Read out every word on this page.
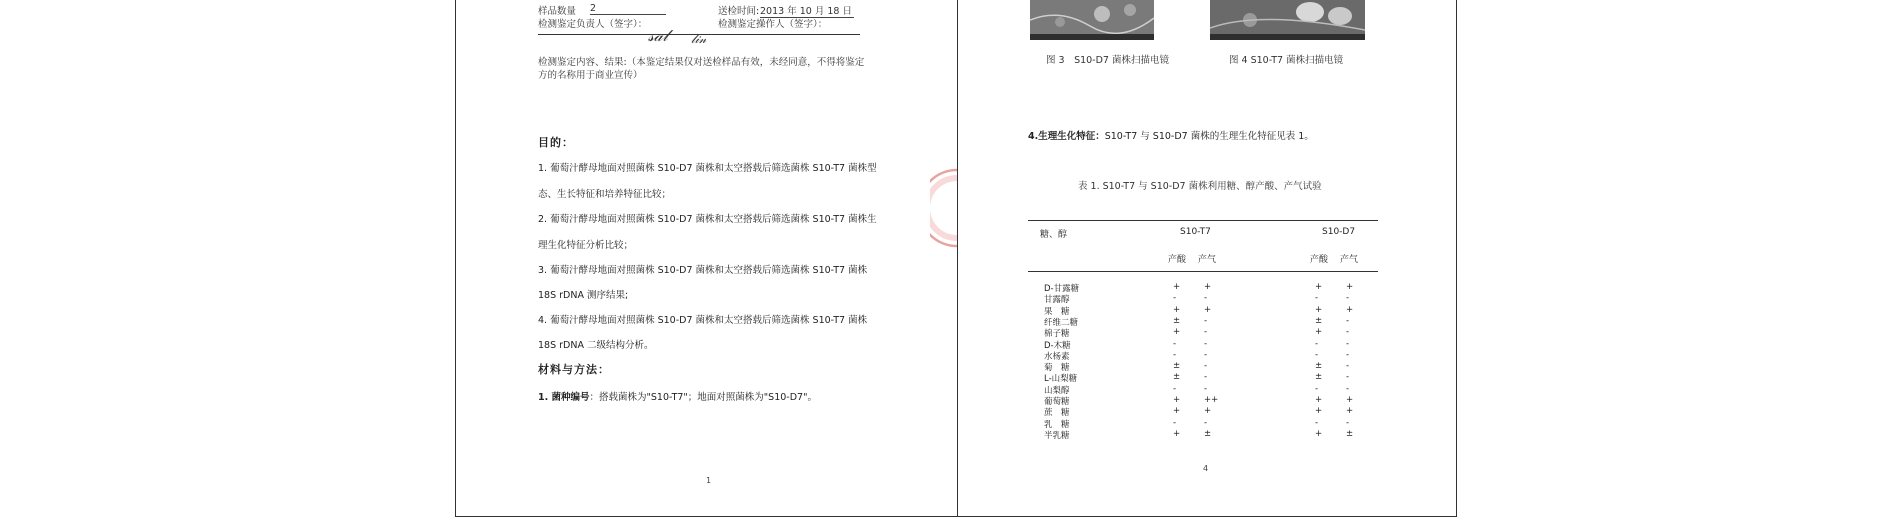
样品数量 2	送检时间: 2013 年 10 月 18 日
检测鉴定负责人（签字）：	检测鉴定操作人（签字）：
𝓈𝒶𝓁 𝓁𝒾𝓃
检测鉴定内容、结果:（本鉴定结果仅对送检样品有效，未经同意，不得将鉴定
方的名称用于商业宣传）
目的：
1. 葡萄汁酵母地面对照菌株 S10-D7 菌株和太空搭载后筛选菌株 S10-T7 菌株型
态、生长特征和培养特征比较；
2. 葡萄汁酵母地面对照菌株 S10-D7 菌株和太空搭载后筛选菌株 S10-T7 菌株生
理生化特征分析比较；
3. 葡萄汁酵母地面对照菌株 S10-D7 菌株和太空搭载后筛选菌株 S10-T7 菌株
18S rDNA 测序结果;
4. 葡萄汁酵母地面对照菌株 S10-D7 菌株和太空搭载后筛选菌株 S10-T7 菌株
18S rDNA 二级结构分析。
材料与方法：
1. 菌种编号：搭载菌株为"S10-T7"；地面对照菌株为"S10-D7"。
1
图 3　S10-D7 菌株扫描电镜	图 4 S10-T7 菌株扫描电镜
4.生理生化特征：S10-T7 与 S10-D7 菌株的生理生化特征见表 1。
表 1. S10-T7 与 S10-D7 菌株利用糖、醇产酸、产气试验
糖、醇	S10-T7	S10-D7
产酸 产气	产酸 产气
D-甘露糖	+	+	+	+
甘露醇	-	-	-	-
果　糖	+	+	+	+
纤维二糖	±	-	±	-
棉子糖	+	-	+	-
D-木糖	-	-	-	-
水杨素	-	-	-	-
菊　糖	±	-	±	-
L-山梨糖	±	-	±	-
山梨醇	-	-	-	-
葡萄糖	+	++	+	+
蔗　糖	+	+	+	+
乳　糖	-	-	-	-
半乳糖	+	±	+	±
4
